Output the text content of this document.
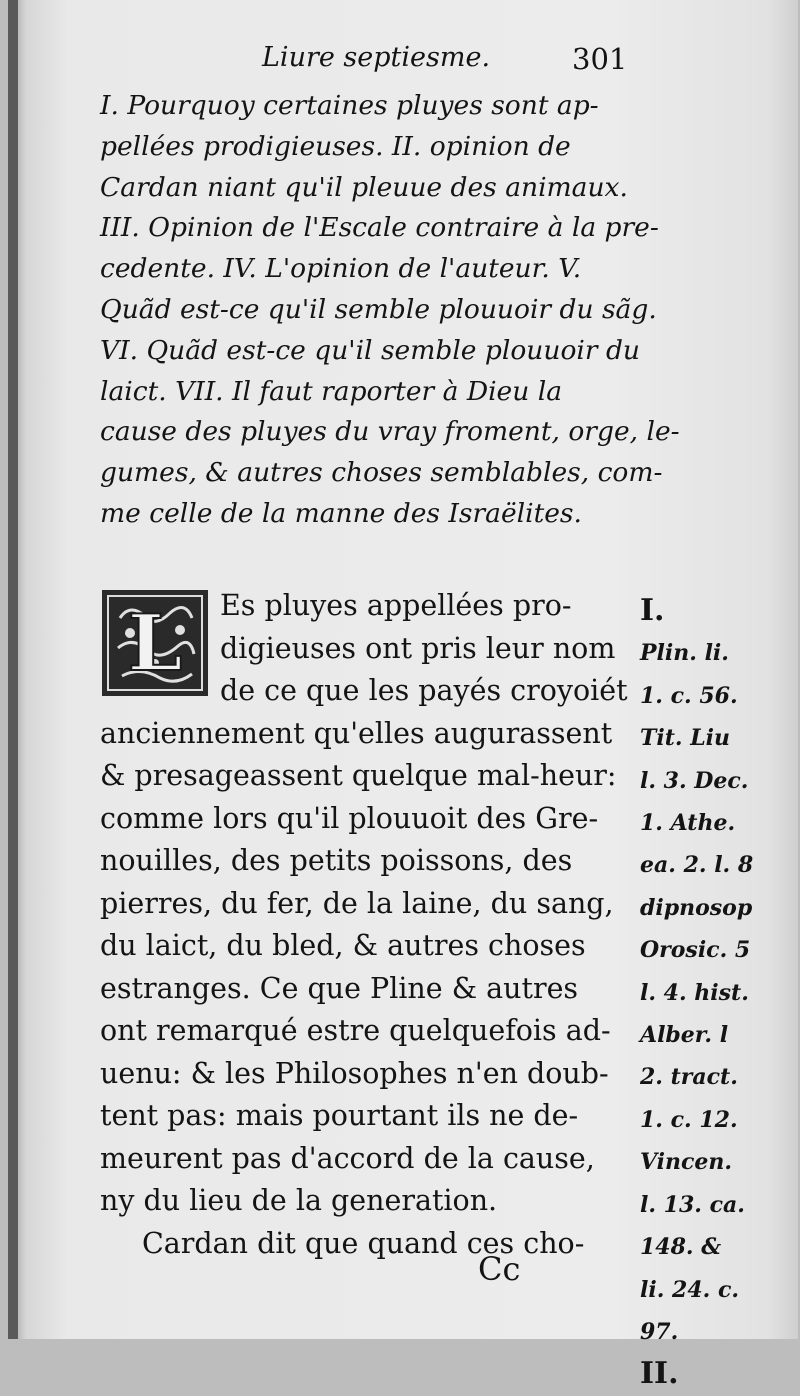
Liure septiesme.	301
I. Pourquoy certaines pluyes sont ap-
pellées prodigieuses. II. opinion de
Cardan niant qu'il pleuue des animaux.
III. Opinion de l'Escale contraire à la pre-
cedente. IV. L'opinion de l'auteur. V.
Quãd est-ce qu'il semble plouuoir du sãg.
VI. Quãd est-ce qu'il semble plouuoir du
laict. VII. Il faut raporter à Dieu la
cause des pluyes du vray froment, orge, le-
gumes, & autres choses semblables, com-
me celle de la manne des Israëlites.
L	Es pluyes appellées pro-
digieuses ont pris leur nom
de ce que les payés croyoiét
anciennement qu'elles augurassent
& presageassent quelque mal-heur:
comme lors qu'il plouuoit des Gre-
nouilles, des petits poissons, des
pierres, du fer, de la laine, du sang,
du laict, du bled, & autres choses
estranges. Ce que Pline & autres
ont remarqué estre quelquefois ad-
uenu: & les Philosophes n'en doub-
tent pas: mais pourtant ils ne de-
meurent pas d'accord de la cause,
ny du lieu de la generation.
Cardan dit que quand ces cho-
I.
Plin. li.
1. c. 56.
Tit. Liu
l. 3. Dec.
1. Athe.
ea. 2. l. 8
dipnosop
Orosic. 5
l. 4. hist.
Alber. l
2. tract.
1. c. 12.
Vincen.
l. 13. ca.
148. &
li. 24. c.
97.
II.
Cc
